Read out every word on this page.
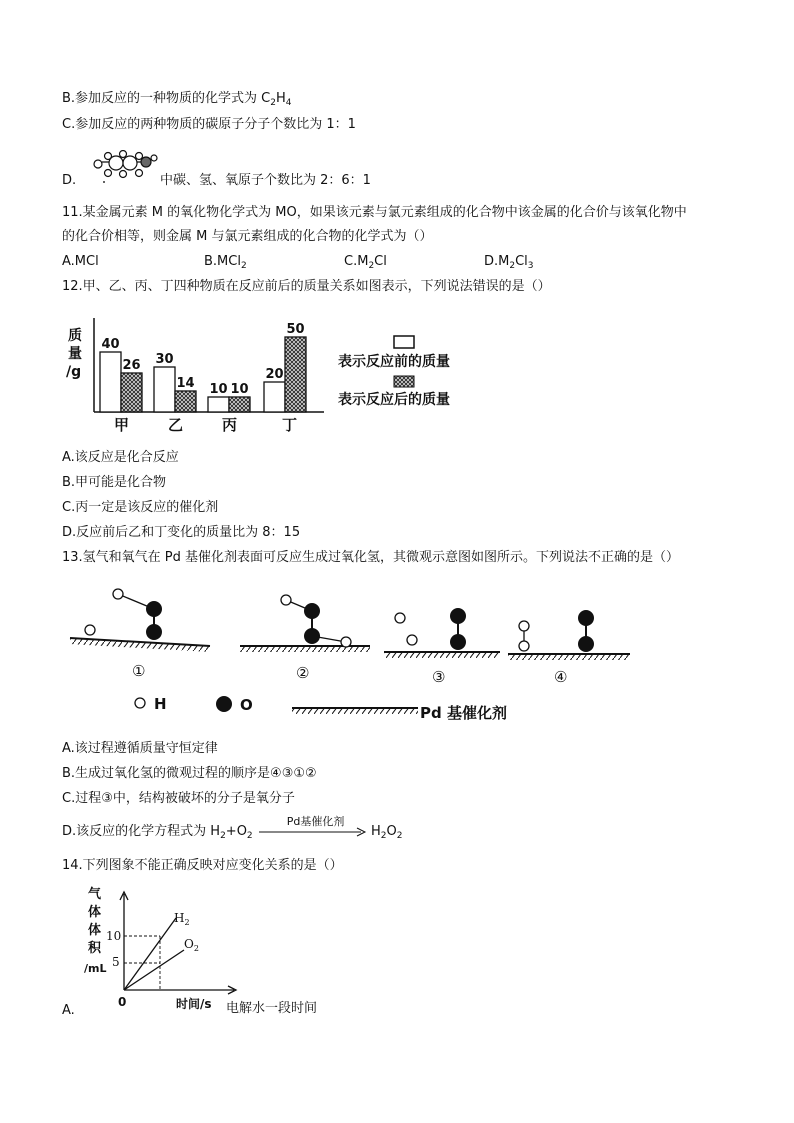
B.参加反应的一种物质的化学式为 $C_2H_4$
C.参加反应的两种物质的碳原子分子个数比为 1：1
D.	中碳、氢、氧原子个数比为 2：6：1
11.某金属元素 M 的氧化物化学式为 MO，如果该元素与氯元素组成的化合物中该金属的化合价与该氧化物中
的化合价相等，则金属 M 与氯元素组成的化合物的化学式为（）
A.MCl	B.MCl$_2$	$C.M_2Cl$	$D.M_2Cl_3$
12.甲、乙、丙、丁四种物质在反应前后的质量关系如图表示，下列说法错误的是（）
质
量
/g
40
30
10
20
26
14	10
50
甲	乙	丙	丁
表示反应前的质量
表示反应后的质量
A.该反应是化合反应
B.甲可能是化合物
C.丙一定是该反应的催化剂
D.反应前后乙和丁变化的质量比为 8：15
13.氢气和氧气在 Pd 基催化剂表面可反应生成过氧化氢，其微观示意图如图所示。下列说法不正确的是（）
①	②	③	④
H	O	Pd 基催化剂
A.该过程遵循质量守恒定律
B.生成过氧化氢的微观过程的顺序是④③①②
C.过程③中，结构被破坏的分子是氧分子
D.该反应的化学方程式为 $H_2+O_2$
Pd基催化剂
$H_2O_2$
14.下列图象不能正确反映对应变化关系的是（）
气
体
体
积
/mL
10
5
0	时间/s
$H_2$
$O_2$
A.	电解水一段时间
